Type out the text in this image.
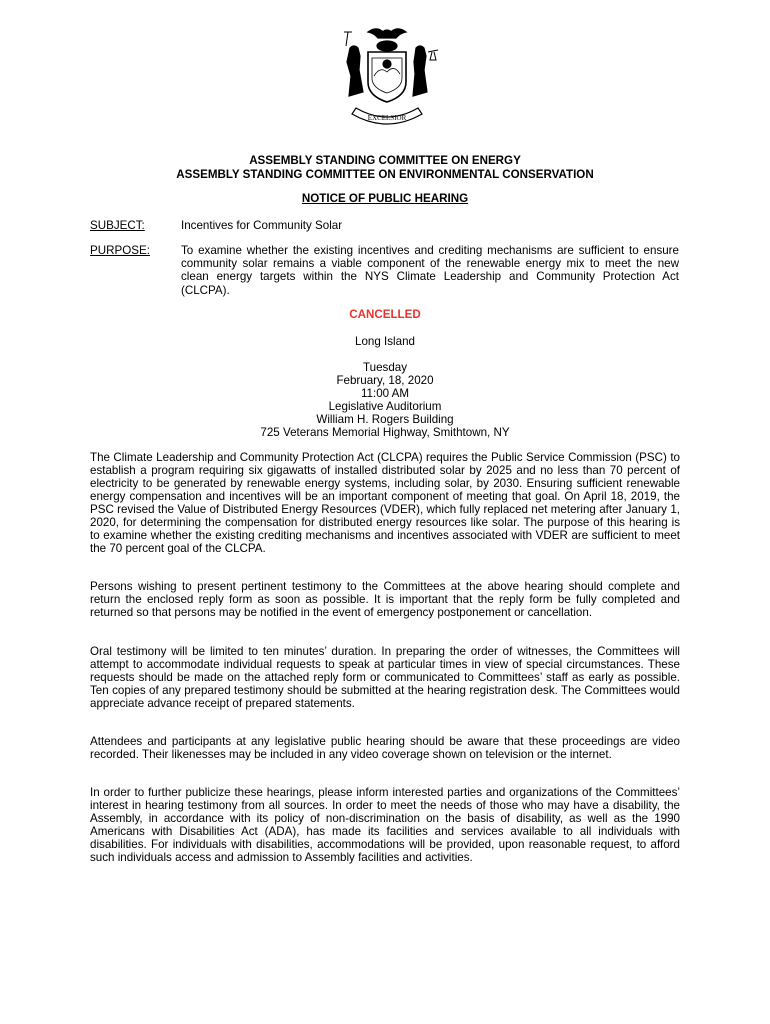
EXCELSIOR
ASSEMBLY STANDING COMMITTEE ON ENERGY
ASSEMBLY STANDING COMMITTEE ON ENVIRONMENTAL CONSERVATION
NOTICE OF PUBLIC HEARING
SUBJECT:	Incentives for Community Solar
PURPOSE:	To examine whether the existing incentives and crediting mechanisms are sufficient to ensure community solar remains a viable component of the renewable energy mix to meet the new clean energy targets within the NYS Climate Leadership and Community Protection Act (CLCPA).
CANCELLED
Long Island
Tuesday
February, 18, 2020
11:00 AM
Legislative Auditorium
William H. Rogers Building
725 Veterans Memorial Highway, Smithtown, NY
The Climate Leadership and Community Protection Act (CLCPA) requires the Public Service Commission (PSC) to establish a program requiring six gigawatts of installed distributed solar by 2025 and no less than 70 percent of electricity to be generated by renewable energy systems, including solar, by 2030. Ensuring sufficient renewable energy compensation and incentives will be an important component of meeting that goal. On April 18, 2019, the PSC revised the Value of Distributed Energy Resources (VDER), which fully replaced net metering after January 1, 2020, for determining the compensation for distributed energy resources like solar. The purpose of this hearing is to examine whether the existing crediting mechanisms and incentives associated with VDER are sufficient to meet the 70 percent goal of the CLCPA.
Persons wishing to present pertinent testimony to the Committees at the above hearing should complete and return the enclosed reply form as soon as possible. It is important that the reply form be fully completed and returned so that persons may be notified in the event of emergency postponement or cancellation.
Oral testimony will be limited to ten minutes’ duration. In preparing the order of witnesses, the Committees will attempt to accommodate individual requests to speak at particular times in view of special circumstances. These requests should be made on the attached reply form or communicated to Committees’ staff as early as possible. Ten copies of any prepared testimony should be submitted at the hearing registration desk. The Committees would appreciate advance receipt of prepared statements.
Attendees and participants at any legislative public hearing should be aware that these proceedings are video recorded. Their likenesses may be included in any video coverage shown on television or the internet.
In order to further publicize these hearings, please inform interested parties and organizations of the Committees’ interest in hearing testimony from all sources. In order to meet the needs of those who may have a disability, the Assembly, in accordance with its policy of non-discrimination on the basis of disability, as well as the 1990 Americans with Disabilities Act (ADA), has made its facilities and services available to all individuals with disabilities. For individuals with disabilities, accommodations will be provided, upon reasonable request, to afford such individuals access and admission to Assembly facilities and activities.
